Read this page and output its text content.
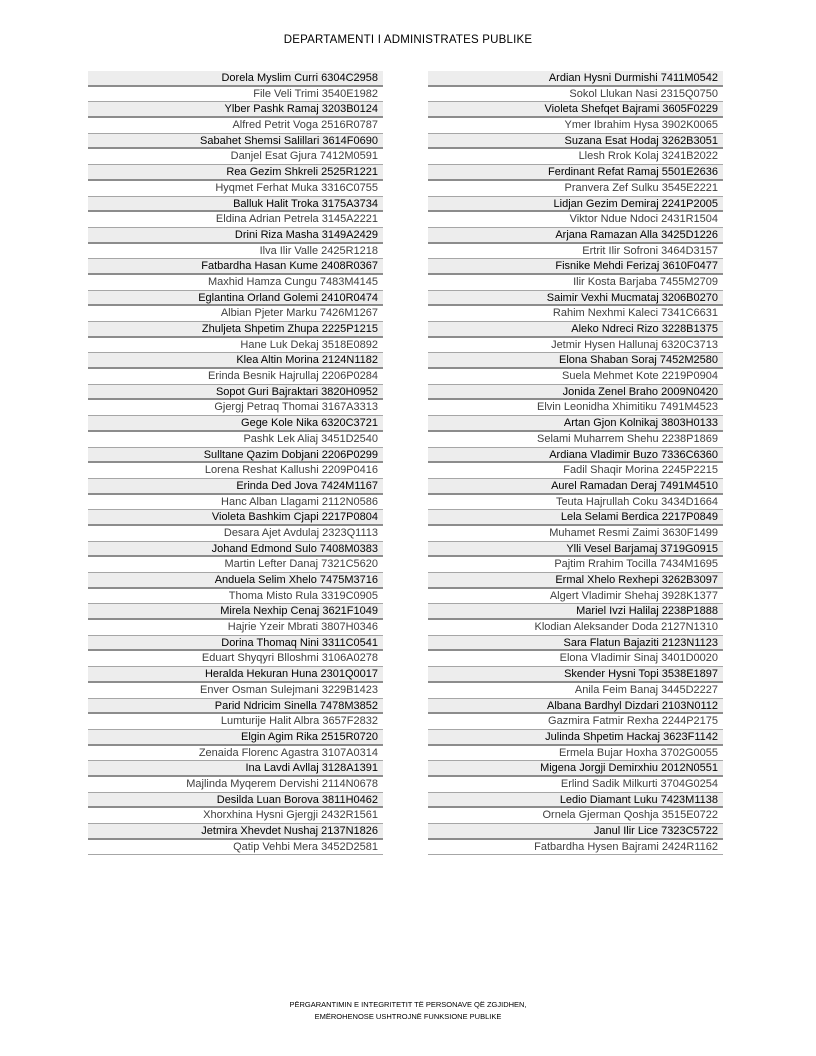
DEPARTAMENTI I ADMINISTRATES PUBLIKE
Dorela Myslim Curri 6304C2958
File Veli Trimi 3540E1982
Ylber Pashk Ramaj 3203B0124
Alfred Petrit Voga 2516R0787
Sabahet Shemsi Salillari 3614F0690
Danjel Esat Gjura 7412M0591
Rea Gezim Shkreli 2525R1221
Hyqmet Ferhat Muka 3316C0755
Balluk Halit Troka 3175A3734
Eldina Adrian Petrela 3145A2221
Drini Riza Masha 3149A2429
Ilva Ilir Valle 2425R1218
Fatbardha Hasan Kume 2408R0367
Maxhid Hamza Cungu 7483M4145
Eglantina Orland Golemi 2410R0474
Albian Pjeter Marku 7426M1267
Zhuljeta Shpetim Zhupa 2225P1215
Hane Luk Dekaj 3518E0892
Klea Altin Morina 2124N1182
Erinda Besnik Hajrullaj 2206P0284
Sopot Guri Bajraktari 3820H0952
Gjergj Petraq Thomai 3167A3313
Gege Kole Nika 6320C3721
Pashk Lek Aliaj 3451D2540
Sulltane Qazim Dobjani 2206P0299
Lorena Reshat Kallushi 2209P0416
Erinda Ded Jova 7424M1167
Hanc Alban Llagami 2112N0586
Violeta Bashkim Cjapi 2217P0804
Desara Ajet Avdulaj 2323Q1113
Johand Edmond Sulo 7408M0383
Martin Lefter Danaj 7321C5620
Anduela Selim Xhelo 7475M3716
Thoma Misto Rula 3319C0905
Mirela Nexhip Cenaj 3621F1049
Hajrie Yzeir Mbrati 3807H0346
Dorina Thomaq Nini 3311C0541
Eduart Shyqyri Blloshmi 3106A0278
Heralda Hekuran Huna 2301Q0017
Enver Osman Sulejmani 3229B1423
Parid Ndricim Sinella 7478M3852
Lumturije Halit Albra 3657F2832
Elgin Agim Rika 2515R0720
Zenaida Florenc Agastra 3107A0314
Ina Lavdi Avllaj 3128A1391
Majlinda Myqerem Dervishi 2114N0678
Desilda Luan Borova 3811H0462
Xhorxhina Hysni Gjergji 2432R1561
Jetmira Xhevdet Nushaj 2137N1826
Qatip Vehbi Mera 3452D2581
Ardian Hysni Durmishi 7411M0542
Sokol Llukan Nasi 2315Q0750
Violeta Shefqet Bajrami 3605F0229
Ymer Ibrahim Hysa 3902K0065
Suzana Esat Hodaj 3262B3051
Llesh Rrok Kolaj 3241B2022
Ferdinant Refat Ramaj 5501E2636
Pranvera Zef Sulku 3545E2221
Lidjan Gezim Demiraj 2241P2005
Viktor Ndue Ndoci 2431R1504
Arjana Ramazan Alla 3425D1226
Ertrit Ilir Sofroni 3464D3157
Fisnike Mehdi Ferizaj 3610F0477
Ilir Kosta Barjaba 7455M2709
Saimir Vexhi Mucmataj 3206B0270
Rahim Nexhmi Kaleci 7341C6631
Aleko Ndreci Rizo 3228B1375
Jetmir Hysen Hallunaj 6320C3713
Elona Shaban Soraj 7452M2580
Suela Mehmet Kote 2219P0904
Jonida Zenel Braho 2009N0420
Elvin Leonidha Xhimitiku 7491M4523
Artan Gjon Kolnikaj 3803H0133
Selami Muharrem Shehu 2238P1869
Ardiana Vladimir Buzo 7336C6360
Fadil Shaqir Morina 2245P2215
Aurel Ramadan Deraj 7491M4510
Teuta Hajrullah Coku 3434D1664
Lela Selami Berdica 2217P0849
Muhamet Resmi Zaimi 3630F1499
Ylli Vesel Barjamaj 3719G0915
Pajtim Rrahim Tocilla 7434M1695
Ermal Xhelo Rexhepi 3262B3097
Algert Vladimir Shehaj 3928K1377
Mariel Ivzi Halilaj 2238P1888
Klodian Aleksander Doda 2127N1310
Sara Flatun Bajaziti 2123N1123
Elona Vladimir Sinaj 3401D0020
Skender Hysni Topi 3538E1897
Anila Feim Banaj 3445D2227
Albana Bardhyl Dizdari 2103N0112
Gazmira Fatmir Rexha 2244P2175
Julinda Shpetim Hackaj 3623F1142
Ermela Bujar Hoxha 3702G0055
Migena Jorgji Demirxhiu 2012N0551
Erlind Sadik Milkurti 3704G0254
Ledio Diamant Luku 7423M1138
Ornela Gjerman Qoshja 3515E0722
Janul Ilir Lice 7323C5722
Fatbardha Hysen Bajrami 2424R1162
PËRGARANTIMIN E INTEGRITETIT TË PERSONAVE QË ZGJIDHEN,
EMËROHENOSE USHTROJNË FUNKSIONE PUBLIKE
